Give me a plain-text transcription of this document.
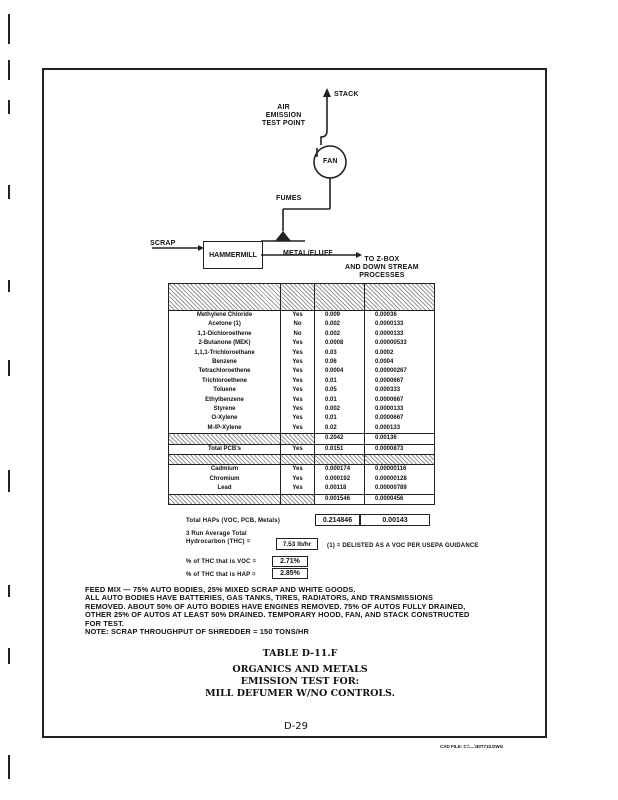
STACK
AIR
EMISSION
TEST POINT
FAN
FUMES
SCRAP
HAMMERMILL	METAL/FLUFF
TO Z-BOX
AND DOWN STREAM
PROCESSES

Methylene Chloride	Yes	0.009	0.00036
Acetone (1)	No	0.002	0.0000133
1,1-Dichloroethene	No	0.002	0.0000133
2-Butanone (MEK)	Yes	0.0008	0.00000533
1,1,1-Trichloroethane	Yes	0.03	0.0002
Benzene	Yes	0.06	0.0004
Tetrachloroethene	Yes	0.0004	0.00000267
Trichloroethene	Yes	0.01	0.0000667
Toluene	Yes	0.05	0.000333
Ethylbenzene	Yes	0.01	0.0000667
Styrene	Yes	0.002	0.0000133
O-Xylene	Yes	0.01	0.0000667
M-/P-Xylene	Yes	0.02	0.000133
		0.2042	0.00136
Total PCB's	Yes	0.0151	0.0000873

Cadmium	Yes	0.000174	0.00000116
Chromium	Yes	0.000192	0.00000128
Lead	Yes	0.00118	0.00000789
		0.001546	0.0000456
Total HAPs (VOC, PCB, Metals)	0.214846	0.00143
3 Run Average Total
Hydrocarbon (THC) =	7.53 lb/hr	(1) = DELISTED AS A VOC PER USEPA GUIDANCE
% of THC that is VOC =	2.71%
% of THC that is HAP =	2.85%
FEED MIX — 75% AUTO BODIES, 25% MIXED SCRAP AND WHITE GOODS.
ALL AUTO BODIES HAVE BATTERIES, GAS TANKS, TIRES, RADIATORS, AND TRANSMISSIONS
REMOVED. ABOUT 50% OF AUTO BODIES HAVE ENGINES REMOVED. 75% OF AUTOS FULLY DRAINED,
OTHER 25% OF AUTOS AT LEAST 50% DRAINED. TEMPORARY HOOD, FAN, AND STACK CONSTRUCTED
FOR TEST.
NOTE: SCRAP THROUGHPUT OF SHREDDER = 150 TONS/HR
TABLE D-11.F
ORGANICS AND METALS
EMISSION TEST FOR:
MILL DEFUMER W/NO CONTROLS.
D-29
CAD FILE: C:\....\30T710.DWG
